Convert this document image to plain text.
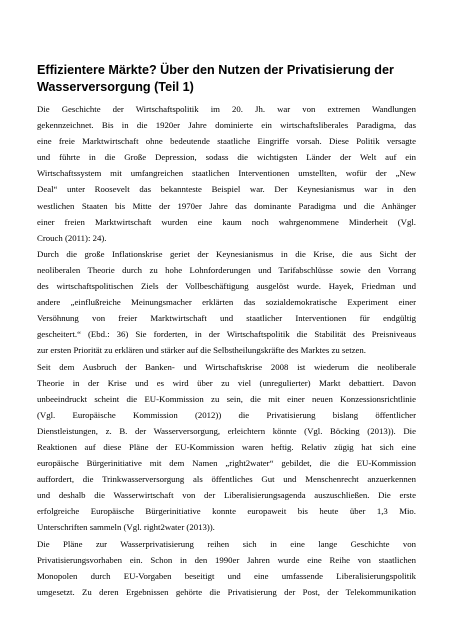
Effizientere Märkte? Über den Nutzen der Privatisierung der
Wasserversorgung (Teil 1)
Die Geschichte der Wirtschaftspolitik im 20. Jh. war von extremen Wandlungen
gekennzeichnet. Bis in die 1920er Jahre dominierte ein wirtschaftsliberales Paradigma, das
eine freie Marktwirtschaft ohne bedeutende staatliche Eingriffe vorsah. Diese Politik versagte
und führte in die Große Depression, sodass die wichtigsten Länder der Welt auf ein
Wirtschaftssystem mit umfangreichen staatlichen Interventionen umstellten, wofür der „New
Deal“ unter Roosevelt das bekannteste Beispiel war. Der Keynesianismus war in den
westlichen Staaten bis Mitte der 1970er Jahre das dominante Paradigma und die Anhänger
einer freien Marktwirtschaft wurden eine kaum noch wahrgenommene Minderheit (Vgl.
Crouch (2011): 24).
Durch die große Inflationskrise geriet der Keynesianismus in die Krise, die aus Sicht der
neoliberalen Theorie durch zu hohe Lohnforderungen und Tarifabschlüsse sowie den Vorrang
des wirtschaftspolitischen Ziels der Vollbeschäftigung ausgelöst wurde. Hayek, Friedman und
andere „einflußreiche Meinungsmacher erklärten das sozialdemokratische Experiment einer
Versöhnung von freier Marktwirtschaft und staatlicher Interventionen für endgültig
gescheitert.“ (Ebd.: 36) Sie forderten, in der Wirtschaftspolitik die Stabilität des Preisniveaus
zur ersten Priorität zu erklären und stärker auf die Selbstheilungskräfte des Marktes zu setzen.
Seit dem Ausbruch der Banken- und Wirtschaftskrise 2008 ist wiederum die neoliberale
Theorie in der Krise und es wird über zu viel (unregulierter) Markt debattiert. Davon
unbeeindruckt scheint die EU-Kommission zu sein, die mit einer neuen Konzessionsrichtlinie
(Vgl. Europäische Kommission (2012)) die Privatisierung bislang öffentlicher
Dienstleistungen, z. B. der Wasserversorgung, erleichtern könnte (Vgl. Böcking (2013)). Die
Reaktionen auf diese Pläne der EU-Kommission waren heftig. Relativ zügig hat sich eine
europäische Bürgerinitiative mit dem Namen „right2water“ gebildet, die die EU-Kommission
auffordert, die Trinkwasserversorgung als öffentliches Gut und Menschenrecht anzuerkennen
und deshalb die Wasserwirtschaft von der Liberalisierungsagenda auszuschließen. Die erste
erfolgreiche Europäische Bürgerinitiative konnte europaweit bis heute über 1,3 Mio.
Unterschriften sammeln (Vgl. right2water (2013)).
Die Pläne zur Wasserprivatisierung reihen sich in eine lange Geschichte von
Privatisierungsvorhaben ein. Schon in den 1990er Jahren wurde eine Reihe von staatlichen
Monopolen durch EU-Vorgaben beseitigt und eine umfassende Liberalisierungspolitik
umgesetzt. Zu deren Ergebnissen gehörte die Privatisierung der Post, der Telekommunikation
